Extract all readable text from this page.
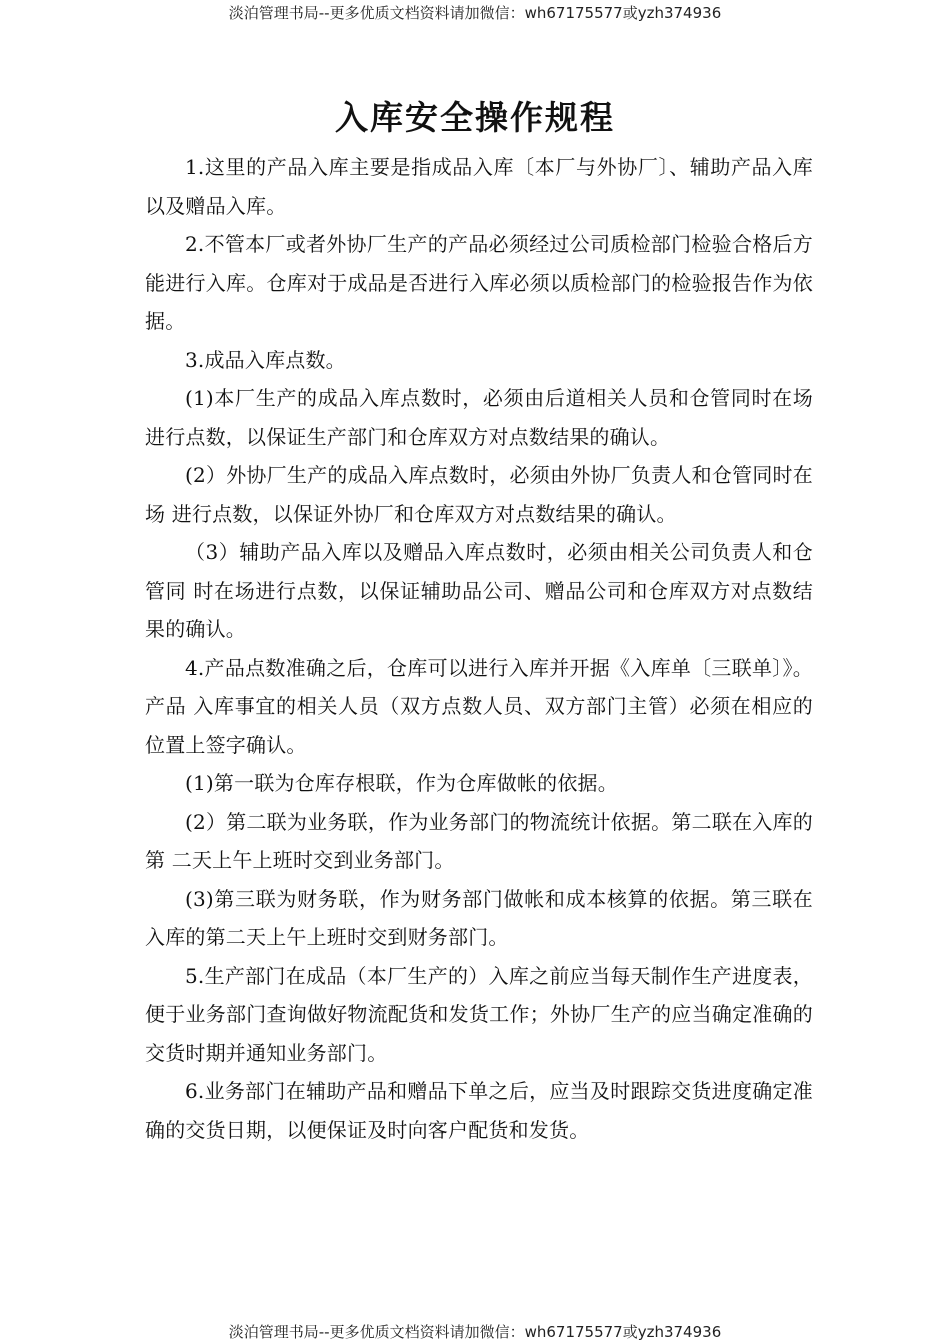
淡泊管理书局--更多优质文档资料请加微信：wh67175577或yzh374936
入库安全操作规程

1.这里的产品入库主要是指成品入库〔本厂与外协厂〕、辅助产品入库以及赠品入库。

2.不管本厂或者外协厂生产的产品必须经过公司质检部门检验合格后方能进行入库。仓库对于成品是否进行入库必须以质检部门的检验报告作为依据。

3.成品入库点数。

(1)本厂生产的成品入库点数时，必须由后道相关人员和仓管同时在场进行点数，以保证生产部门和仓库双方对点数结果的确认。

(2）外协厂生产的成品入库点数时，必须由外协厂负责人和仓管同时在场 进行点数，以保证外协厂和仓库双方对点数结果的确认。

（3）辅助产品入库以及赠品入库点数时，必须由相关公司负责人和仓管同 时在场进行点数，以保证辅助品公司、赠品公司和仓库双方对点数结果的确认。

4.产品点数准确之后，仓库可以进行入库并开据《入库单〔三联单〕》。产品 入库事宜的相关人员（双方点数人员、双方部门主管）必须在相应的位置上签字确认。

(1)第一联为仓库存根联，作为仓库做帐的依据。

(2）第二联为业务联，作为业务部门的物流统计依据。第二联在入库的第 二天上午上班时交到业务部门。

(3)第三联为财务联，作为财务部门做帐和成本核算的依据。第三联在入库的第二天上午上班时交到财务部门。

5.生产部门在成品（本厂生产的）入库之前应当每天制作生产进度表，便于业务部门查询做好物流配货和发货工作；外协厂生产的应当确定准确的交货时期并通知业务部门。

6.业务部门在辅助产品和赠品下单之后，应当及时跟踪交货进度确定准确的交货日期，以便保证及时向客户配货和发货。

淡泊管理书局--更多优质文档资料请加微信：wh67175577或yzh374936
